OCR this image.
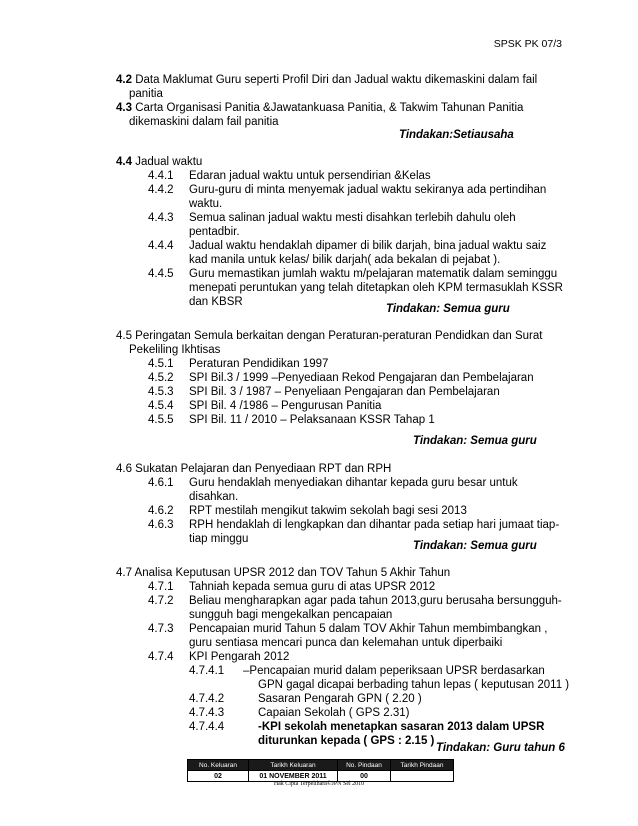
SPSK PK 07/3
4.2 Data Maklumat Guru seperti Profil Diri dan Jadual waktu dikemaskini dalam fail
panitia
4.3 Carta Organisasi Panitia &Jawatankuasa Panitia, & Takwim Tahunan Panitia
dikemaskini dalam fail panitia
Tindakan:Setiausaha
4.4 Jadual waktu
4.4.1 Edaran jadual waktu untuk persendirian &Kelas
4.4.2 Guru-guru di minta menyemak jadual waktu sekiranya ada pertindihan
waktu.
4.4.3 Semua salinan jadual waktu mesti disahkan terlebih dahulu oleh
pentadbir.
4.4.4 Jadual waktu hendaklah dipamer di bilik darjah, bina jadual waktu saiz
kad manila untuk kelas/ bilik darjah( ada bekalan di pejabat ).
4.4.5 Guru memastikan jumlah waktu m/pelajaran matematik dalam seminggu
menepati peruntukan yang telah ditetapkan oleh KPM termasuklah KSSR
dan KBSR
Tindakan: Semua guru
4.5 Peringatan Semula berkaitan dengan Peraturan-peraturan Pendidkan dan Surat
Pekeliling Ikhtisas
4.5.1 Peraturan Pendidikan 1997
4.5.2 SPI Bil.3 / 1999 –Penyediaan Rekod Pengajaran dan Pembelajaran
4.5.3 SPI Bil. 3 / 1987 – Penyeliaan Pengajaran dan Pembelajaran
4.5.4 SPI Bil. 4 /1986 – Pengurusan Panitia
4.5.5 SPI Bil. 11 / 2010 – Pelaksanaan KSSR Tahap 1
Tindakan: Semua guru
4.6 Sukatan Pelajaran dan Penyediaan RPT dan RPH
4.6.1 Guru hendaklah menyediakan dihantar kepada guru besar untuk
disahkan.
4.6.2 RPT mestilah mengikut takwim sekolah bagi sesi 2013
4.6.3 RPH hendaklah di lengkapkan dan dihantar pada setiap hari jumaat tiap-
tiap minggu
Tindakan: Semua guru
4.7 Analisa Keputusan UPSR 2012 dan TOV Tahun 5 Akhir Tahun
4.7.1 Tahniah kepada semua guru di atas UPSR 2012
4.7.2 Beliau mengharapkan agar pada tahun 2013,guru berusaha bersungguh-
sungguh bagi mengekalkan pencapaian
4.7.3 Pencapaian murid Tahun 5 dalam TOV Akhir Tahun membimbangkan ,
guru sentiasa mencari punca dan kelemahan untuk diperbaiki
4.7.4 KPI Pengarah 2012
4.7.4.1 –Pencapaian murid dalam peperiksaan UPSR berdasarkan
GPN gagal dicapai berbading tahun lepas ( keputusan 2011 )
4.7.4.2	Sasaran Pengarah GPN ( 2.20 )
4.7.4.3	Capaian Sekolah ( GPS 2.31)
4.7.4.4	-KPI sekolah menetapkan sasaran 2013 dalam UPSR
diturunkan kepada ( GPS : 2.15 )
Tindakan: Guru tahun 6
No. Keluaran	Tarikh Keluaran	No. Pindaan	Tarikh Pindaan
02	01 NOVEMBER 2011	00	
Hak Cipta Terpelihara©JPN Sel 2010
